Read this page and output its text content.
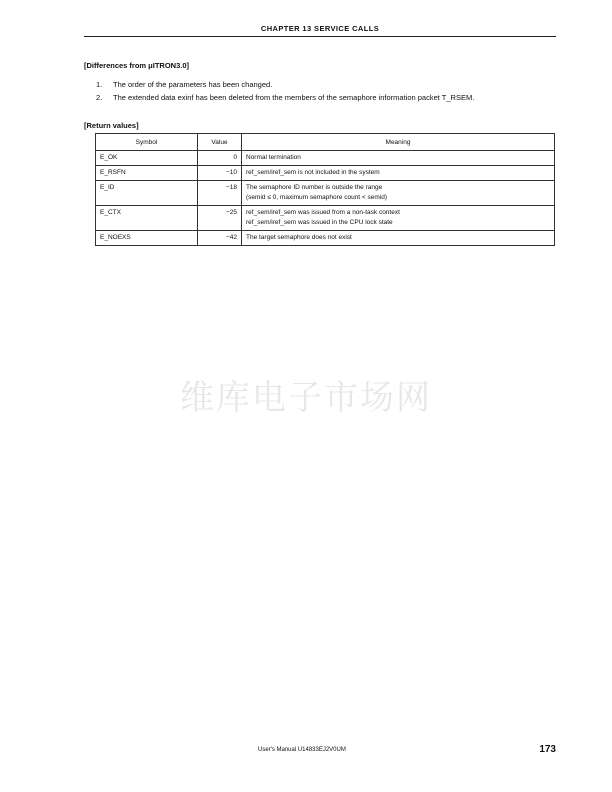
CHAPTER 13 SERVICE CALLS
[Differences from μITRON3.0]
1.	The order of the parameters has been changed.
2.	The extended data exinf has been deleted from the members of the semaphore information packet T_RSEM.
[Return values]
Symbol	Value	Meaning
E_OK	0	Normal termination

E_RSFN	−10	ref_sem/iref_sem is not included in the system

E_ID	−18	The semaphore ID number is outside the range
(semid ≤ 0, maximum semaphore count < semid)

E_CTX	−25	ref_sem/iref_sem was issued from a non-task context
ref_sem/iref_sem was issued in the CPU lock state

E_NOEXS	−42	The target semaphore does not exist
维库电子市场网
User's Manual U14833EJ2V0UM	173
